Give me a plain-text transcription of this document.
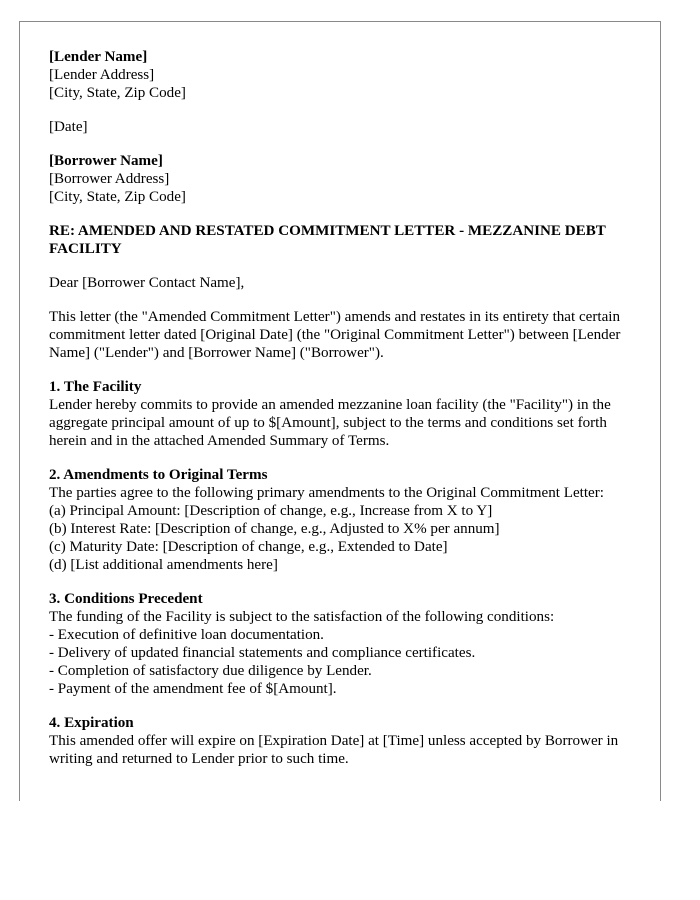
[Lender Name]
[Lender Address]
[City, State, Zip Code]
[Date]
[Borrower Name]
[Borrower Address]
[City, State, Zip Code]
RE: AMENDED AND RESTATED COMMITMENT LETTER - MEZZANINE DEBT FACILITY
Dear [Borrower Contact Name],

This letter (the "Amended Commitment Letter") amends and restates in its entirety that certain commitment letter dated [Original Date] (the "Original Commitment Letter") between [Lender Name] ("Lender") and [Borrower Name] ("Borrower").

1. The Facility

Lender hereby commits to provide an amended mezzanine loan facility (the "Facility") in the aggregate principal amount of up to $[Amount], subject to the terms and conditions set forth herein and in the attached Amended Summary of Terms.

2. Amendments to Original Terms

The parties agree to the following primary amendments to the Original Commitment Letter:

(a) Principal Amount: [Description of change, e.g., Increase from X to Y]
(b) Interest Rate: [Description of change, e.g., Adjusted to X% per annum]
(c) Maturity Date: [Description of change, e.g., Extended to Date]
(d) [List additional amendments here]
3. Conditions Precedent

The funding of the Facility is subject to the satisfaction of the following conditions:

- Execution of definitive loan documentation.
- Delivery of updated financial statements and compliance certificates.
- Completion of satisfactory due diligence by Lender.
- Payment of the amendment fee of $[Amount].
4. Expiration

This amended offer will expire on [Expiration Date] at [Time] unless accepted by Borrower in writing and returned to Lender prior to such time.
